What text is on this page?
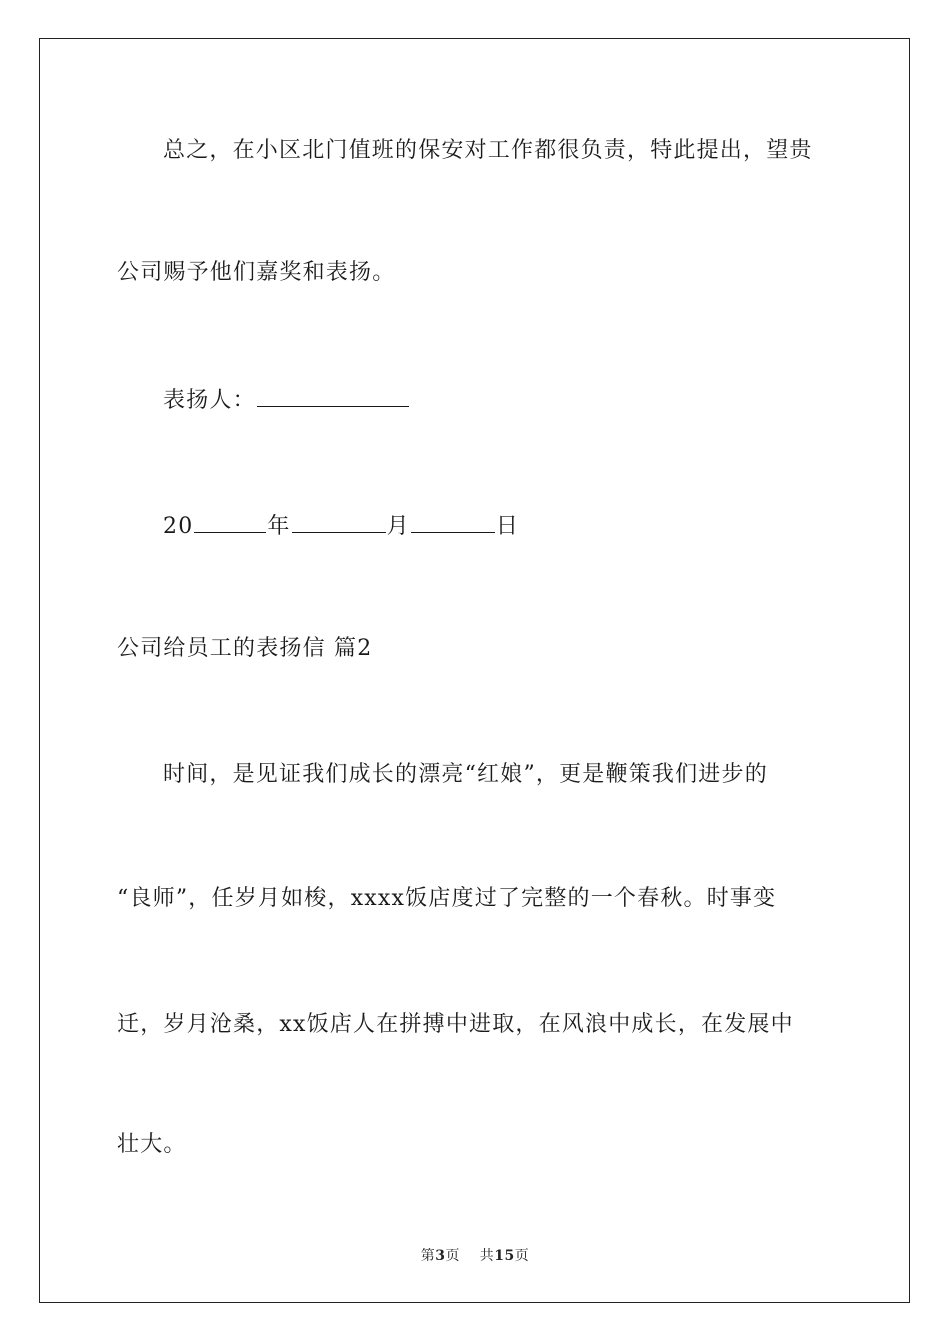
总之，在小区北门值班的保安对工作都很负责，特此提出，望贵
公司赐予他们嘉奖和表扬。
表扬人：
20	年	月	日
公司给员工的表扬信 篇2
时间，是见证我们成长的漂亮“红娘”，更是鞭策我们进步的
“良师”，任岁月如梭，xxxx饭店度过了完整的一个春秋。时事变
迁，岁月沧桑，xx饭店人在拼搏中进取，在风浪中成长，在发展中
壮大。
第3页 共15页
